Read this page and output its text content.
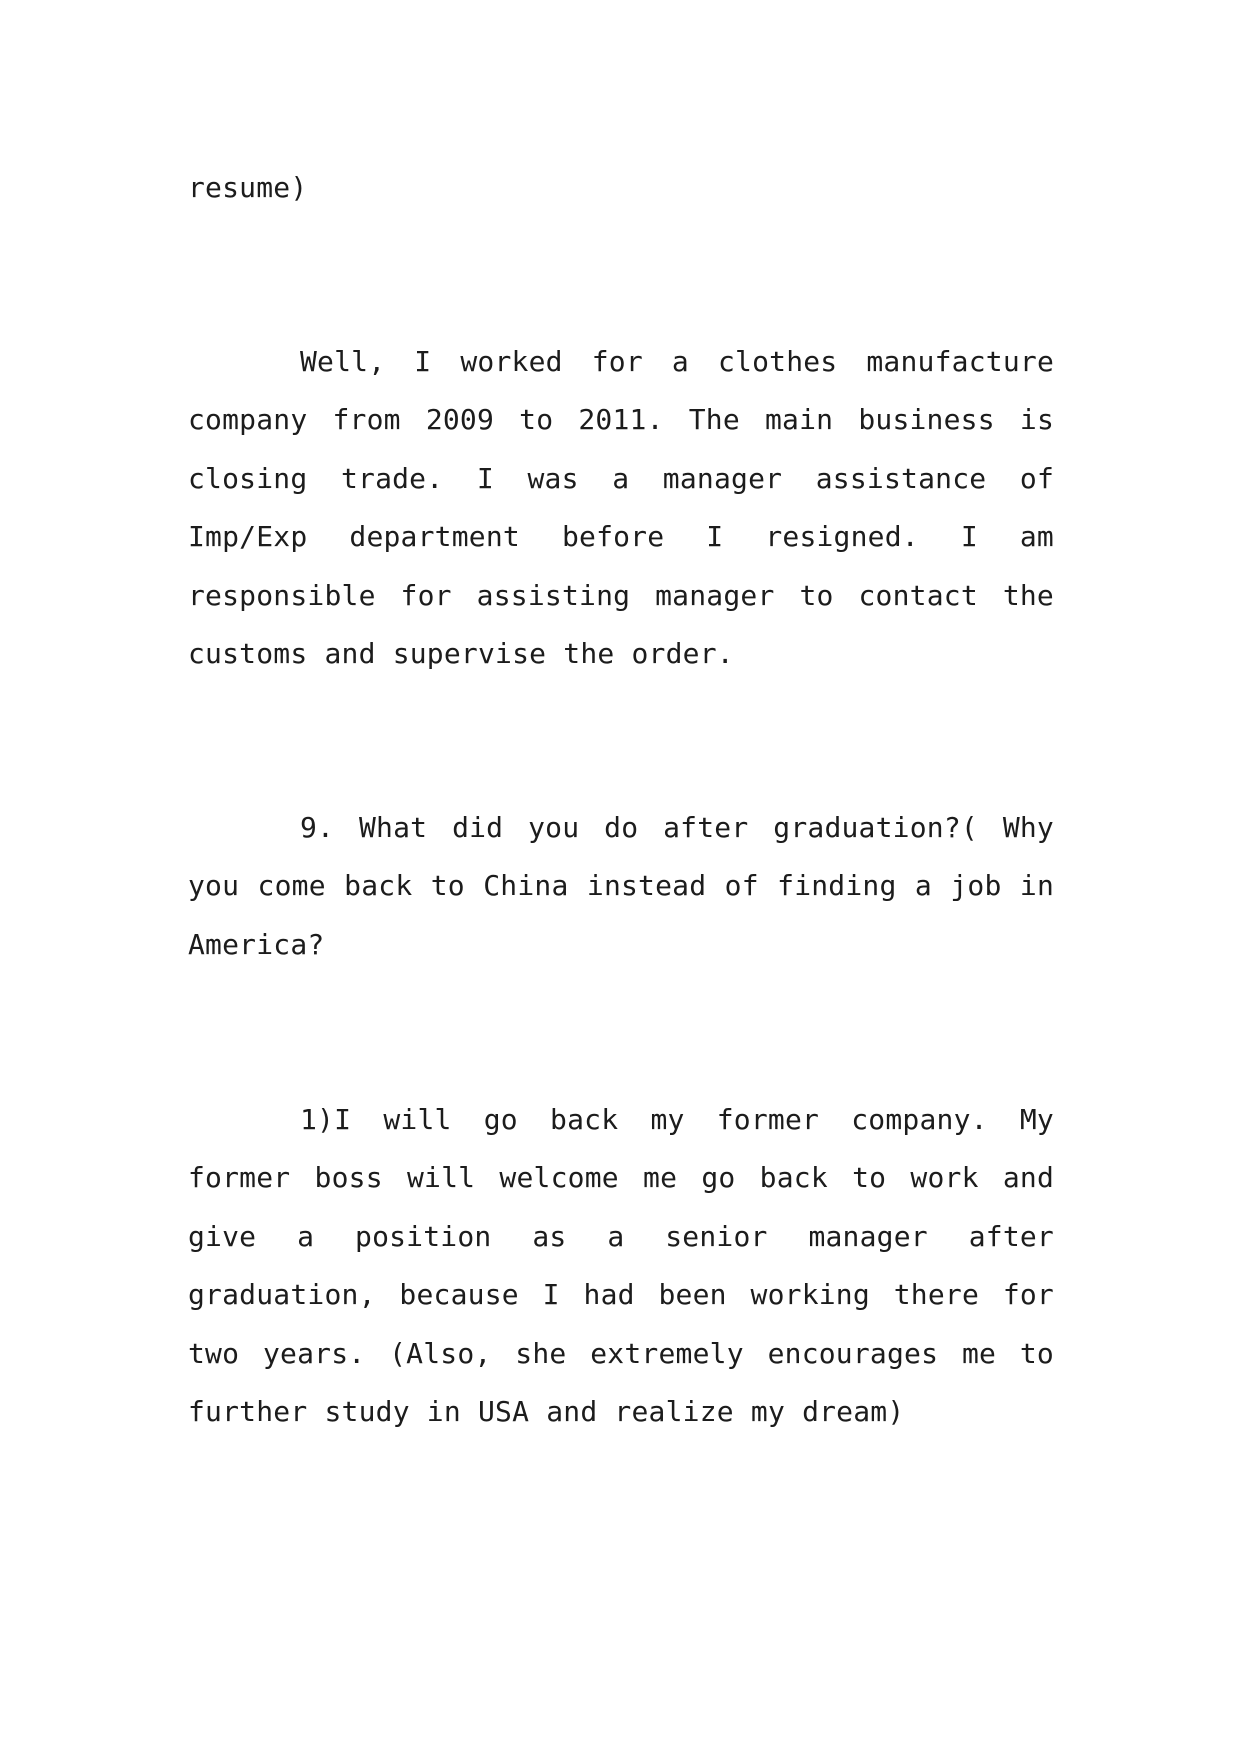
resume)

Well, I worked for a clothes manufacture company from 2009 to 2011. The main business is closing trade. I was a manager assistance of Imp/Exp department before I resigned. I am responsible for assisting manager to contact the customs and supervise the order.

9. What did you do after graduation?( Why you come back to China instead of finding a job in America?

1)I will go back my former company. My former boss will welcome me go back to work and give a position as a senior manager after graduation, because I had been working there for two years. (Also, she extremely encourages me to further study in USA and realize my dream)
